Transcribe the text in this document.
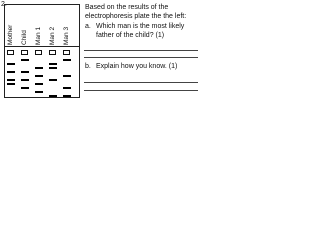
2.
Mother	Child	Man 1	Man 2	Man 3
Based on the results of the electrophoresis plate the the left:
a. Which man is the most likely father of the child? (1)
b. Explain how you know. (1)
